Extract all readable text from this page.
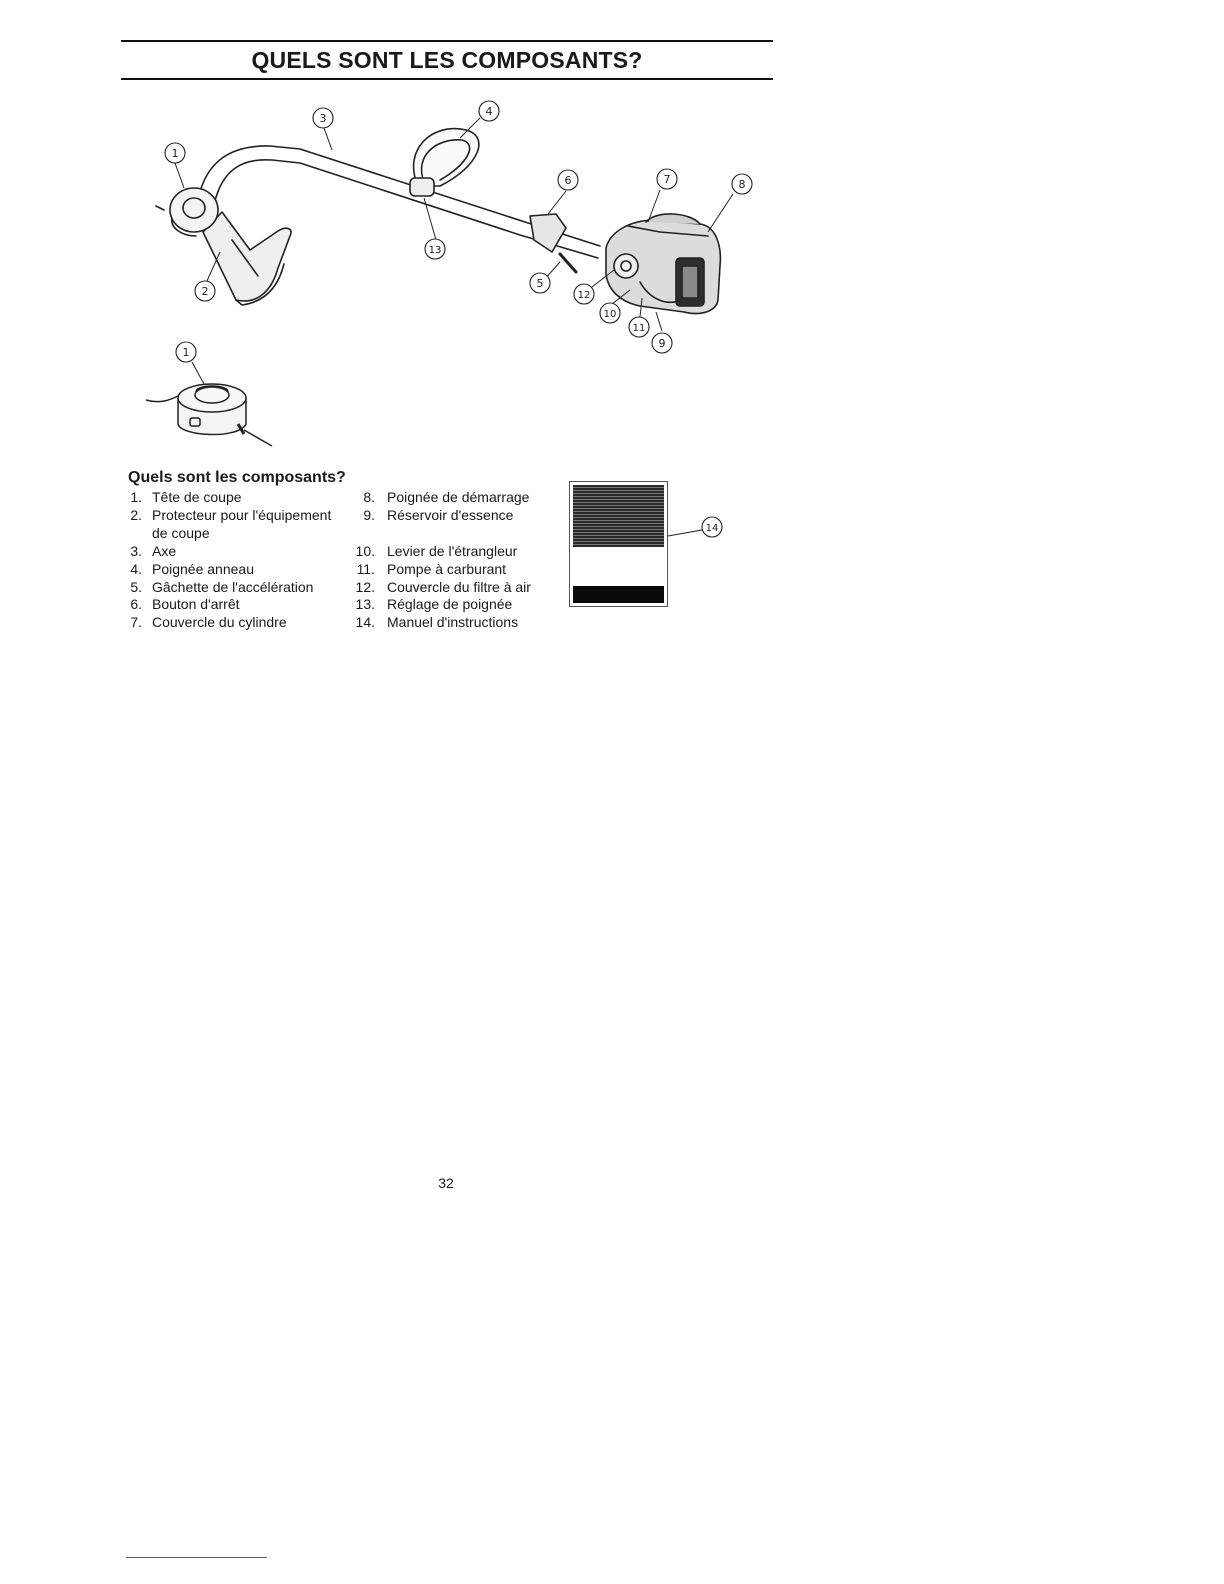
QUELS SONT LES COMPOSANTS?
1
2
3
4
5
6	7	8
9
10
11
12
13
1
Quels sont les composants?
1. Tête de coupe
2. Protecteur pour l'équipement
de coupe
3. Axe
4. Poignée anneau
5. Gâchette de l'accélération
6. Bouton d'arrêt
7. Couvercle du cylindre
8. Poignée de démarrage
9. Réservoir d'essence
10. Levier de l'étrangleur
11. Pompe à carburant
12. Couvercle du filtre à air
13. Réglage de poignée
14. Manuel d'instructions
14
32
